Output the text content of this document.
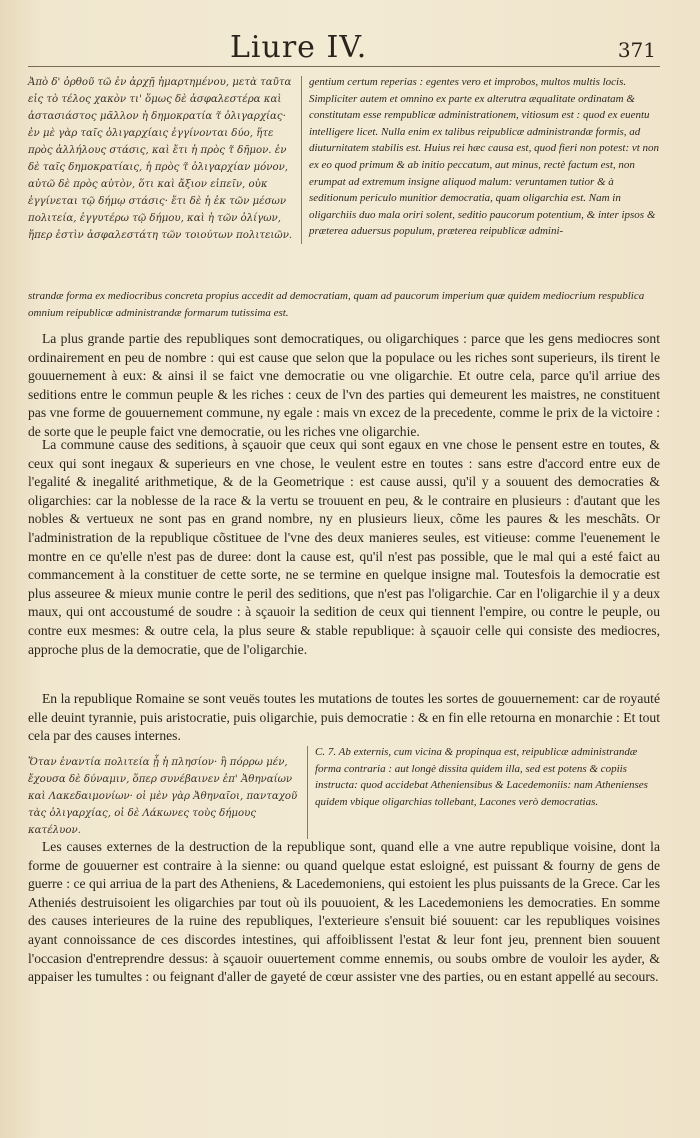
Liure IV.	371
Ἀπὸ δ' ὀρθοῦ τῶ ἐν ἀρχῇ ἡμαρτημένου, μετὰ ταῦτα εἰς τὸ τέλος χακὸν τι' ὅμως δὲ ἀσφαλεστέρα καὶ ἀστασιάστος μᾶλλον ἡ δημοκρατία τ̃ ὀλιγαρχίας· ἐν μὲ γὰρ ταῖς ὀλιγαρχίαις ἐγγίνονται δύο, ἥτε πρὸς ἀλλήλους στάσις, καὶ ἔτι ἡ πρὸς τ̃ δῆμον. ἐν δὲ ταῖς δημοκρατίαις, ἡ πρὸς τ̃ ὀλιγαρχίαν μόνον, αὐτῶ δὲ πρὸς αὐτὸν, ὅτι καὶ ἄξιον εἰπεῖν, οὐκ ἐγγίνεται τῷ δήμῳ στάσις· ἔτι δὲ ἡ ἐκ τῶν μέσων πολιτεία, ἐγγυτέρω τῷ δήμου, καὶ ἡ τῶν ὀλίγων, ἥπερ ἐστὶν ἀσφαλεστάτη τῶν τοιούτων πολιτειῶν.
gentium certum reperias : egentes vero et improbos, multos multis locis. Simpliciter autem et omnino ex parte ex alterutra æqualitate ordinatam & constitutam esse rempublicæ administrationem, vitiosum est : quod ex euentu intelligere licet. Nulla enim ex talibus reipublicæ administrandæ formis, ad diuturnitatem stabilis est. Huius rei hæc causa est, quod fieri non potest: vt non ex eo quod primum & ab initio peccatum, aut minus, rectè factum est, non erumpat ad extremum insigne aliquod malum: veruntamen tutior & à seditionum periculo munitior democratia, quam oligarchia est. Nam in oligarchiis duo mala oriri solent, seditio paucorum potentium, & inter ipsos & præterea aduersus populum, præterea reipublicæ admini-
strandæ forma ex mediocribus concreta propius accedit ad democratiam, quam ad paucorum imperium quæ quidem mediocrium respublica omnium reipublicæ administrandæ formarum tutissima est.

La plus grande partie des republiques sont democratiques, ou oligarchiques : parce que les gens mediocres sont ordinairement en peu de nombre : qui est cause que selon que la populace ou les riches sont superieurs, ils tirent le gouuernement à eux: & ainsi il se faict vne democratie ou vne oligarchie. Et outre cela, parce qu'il arriue des seditions entre le commun peuple & les riches : ceux de l'vn des parties qui demeurent les maistres, ne constituent pas vne forme de gouuernement commune, ny egale : mais vn excez de la precedente, comme le prix de la victoire : de sorte que le peuple faict vne democratie, ou les riches vne oligarchie.

La commune cause des seditions, à sçauoir que ceux qui sont egaux en vne chose le pensent estre en toutes, & ceux qui sont inegaux & superieurs en vne chose, le veulent estre en toutes : sans estre d'accord entre eux de l'egalité & inegalité arithmetique, & de la Geometrique : est cause aussi, qu'il y a souuent des democraties & oligarchies: car la noblesse de la race & la vertu se trouuent en peu, & le contraire en plusieurs : d'autant que les nobles & vertueux ne sont pas en grand nombre, ny en plusieurs lieux, cõme les paures & les meschãts. Or l'administration de la republique cõstituee de l'vne des deux manieres seules, est vitieuse: comme l'euenement le montre en ce qu'elle n'est pas de duree: dont la cause est, qu'il n'est pas possible, que le mal qui a esté faict au commancement à la constituer de cette sorte, ne se termine en quelque insigne mal. Toutesfois la democratie est plus asseuree & mieux munie contre le peril des seditions, que n'est pas l'oligarchie. Car en l'oligarchie il y a deux maux, qui ont accoustumé de soudre : à sçauoir la sedition de ceux qui tiennent l'empire, ou contre le peuple, ou contre eux mesmes: & outre cela, la plus seure & stable republique: à sçauoir celle qui consiste des mediocres, approche plus de la democratie, que de l'oligarchie.

En la republique Romaine se sont veuës toutes les mutations de toutes les sortes de gouuernement: car de royauté elle deuint tyrannie, puis aristocratie, puis oligarchie, puis democratie : & en fin elle retourna en monarchie : Et tout cela par des causes internes.

Ὅταν ἐναντία πολιτεία ᾖ ἡ πλησίον· ἢ πόρρω μέν, ἔχουσα δὲ δύναμιν, ὅπερ συνέβαινεν ἐπ' Ἀθηναίων καὶ Λακεδαιμονίων· οἱ μὲν γὰρ Ἀθηναῖοι, πανταχοῦ τὰς ὀλιγαρχίας, οἱ δὲ Λάκωνες τοὺς δήμους κατέλυον.
C. 7. Ab externis, cum vicina & propinqua est, reipublicæ administrandæ forma contraria : aut longè dissita quidem illa, sed est potens & copiis instructa: quod accidebat Atheniensibus & Lacedemoniis: nam Athenienses quidem vbique oligarchias tollebant, Lacones verò democratias.

Les causes externes de la destruction de la republique sont, quand elle a vne autre republique voisine, dont la forme de gouuerner est contraire à la sienne: ou quand quelque estat esloigné, est puissant & fourny de gens de guerre : ce qui arriua de la part des Atheniens, & Lacedemoniens, qui estoient les plus puissants de la Grece. Car les Atheniés destruisoient les oligarchies par tout où ils pouuoient, & les Lacedemoniens les democraties. En somme des causes interieures de la ruine des republiques, l'exterieure s'ensuit bié souuent: car les republiques voisines ayant connoissance de ces discordes intestines, qui affoiblissent l'estat & leur font jeu, prennent bien souuent l'occasion d'entreprendre dessus: à sçauoir ouuertement comme ennemis, ou soubs ombre de vouloir les ayder, & appaiser les tumultes : ou feignant d'aller de gayeté de cœur assister vne des parties, ou en estant appellé au secours.
